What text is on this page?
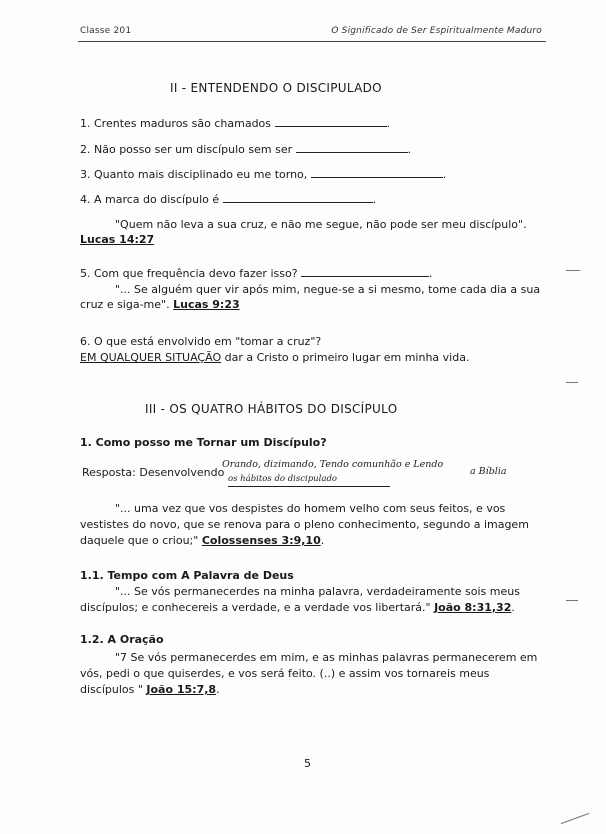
Classe 201	O Significado de Ser Espiritualmente Maduro
II - ENTENDENDO O DISCIPULADO
1. Crentes maduros são chamados	.
2. Não posso ser um discípulo sem ser	.
3. Quanto mais disciplinado eu me torno,	.
4. A marca do discípulo é	.
"Quem não leva a sua cruz, e não me segue, não pode ser meu discípulo".
Lucas 14:27
5. Com que frequência devo fazer isso?	.
"... Se alguém quer vir após mim, negue-se a si mesmo, tome cada dia a sua
cruz e siga-me". Lucas 9:23
6. O que está envolvido em "tomar a cruz"?
EM QUALQUER SITUAÇÃO dar a Cristo o primeiro lugar em minha vida.
III - OS QUATRO HÁBITOS DO DISCÍPULO
1. Como posso me Tornar um Discípulo?
Resposta: Desenvolvendo
Orando, dizimando, Tendo comunhão e Lendo
os hábitos do discipulado
a Bíblia
"... uma vez que vos despistes do homem velho com seus feitos, e vos
vestistes do novo, que se renova para o pleno conhecimento, segundo a imagem
daquele que o criou;" Colossenses 3:9,10.
1.1. Tempo com A Palavra de Deus
"... Se vós permanecerdes na minha palavra, verdadeiramente sois meus
discípulos; e conhecereis a verdade, e a verdade vos libertará." João 8:31,32.
1.2. A Oração
"7 Se vós permanecerdes em mim, e as minhas palavras permanecerem em
vós, pedi o que quiserdes, e vos será feito. (..) e assim vos tornareis meus
discípulos " João 15:7,8.
5
